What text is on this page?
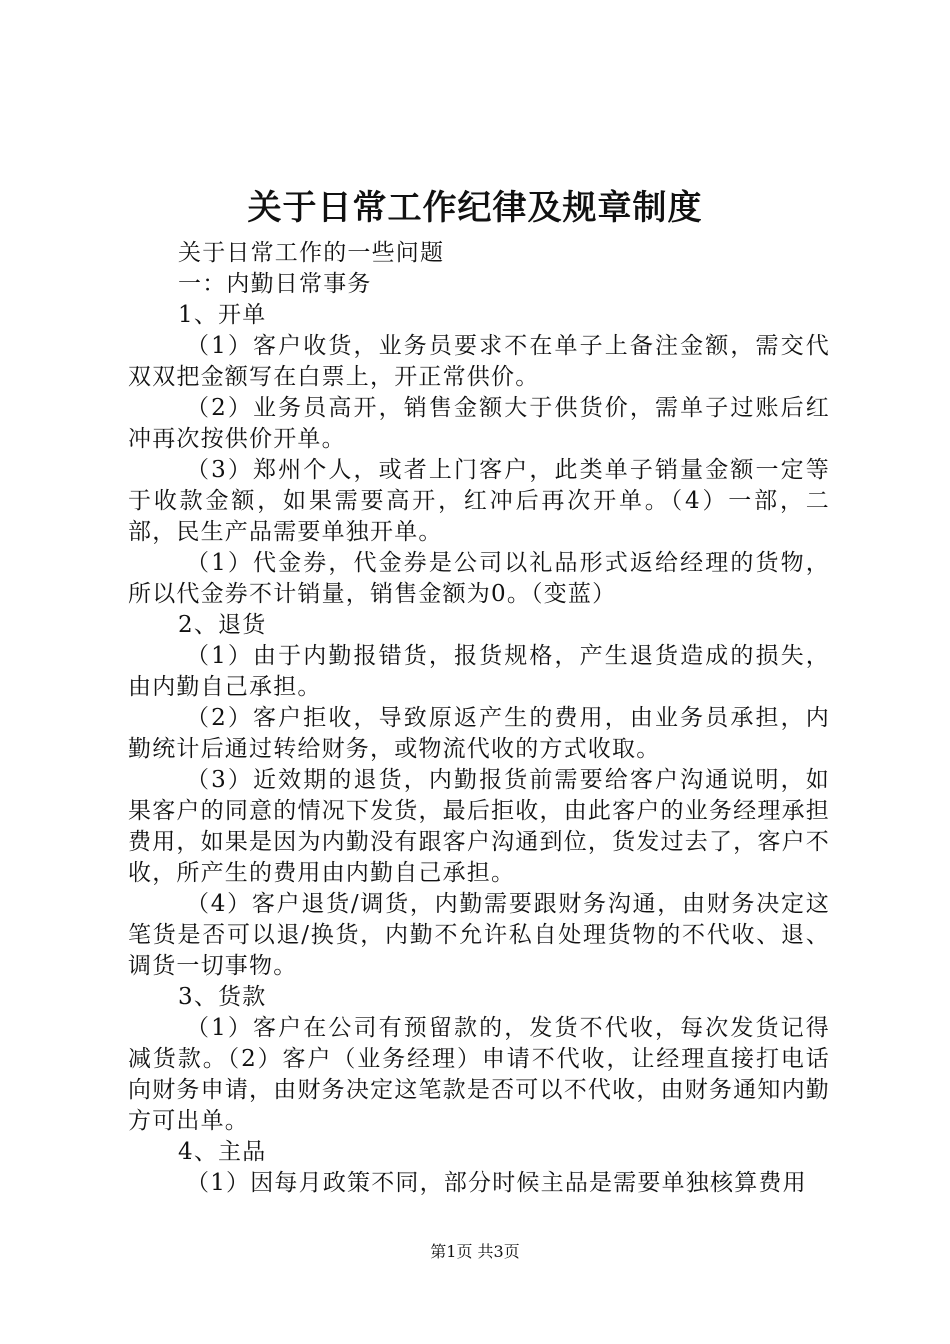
关于日常工作纪律及规章制度

关于日常工作的一些问题

一：内勤日常事务

1、开单

（1）客户收货，业务员要求不在单子上备注金额，需交代双双把金额写在白票上，开正常供价。

（2）业务员高开，销售金额大于供货价，需单子过账后红冲再次按供价开单。

（3）郑州个人，或者上门客户，此类单子销量金额一定等于收款金额，如果需要高开，红冲后再次开单。（4）一部，二部，民生产品需要单独开单。

（1）代金券，代金券是公司以礼品形式返给经理的货物，所以代金券不计销量，销售金额为0。（变蓝）

2、退货

（1）由于内勤报错货，报货规格，产生退货造成的损失，由内勤自己承担。

（2）客户拒收，导致原返产生的费用，由业务员承担，内勤统计后通过转给财务，或物流代收的方式收取。

（3）近效期的退货，内勤报货前需要给客户沟通说明，如果客户的同意的情况下发货，最后拒收，由此客户的业务经理承担费用，如果是因为内勤没有跟客户沟通到位，货发过去了，客户不收，所产生的费用由内勤自己承担。

（4）客户退货/调货，内勤需要跟财务沟通，由财务决定这笔货是否可以退/换货，内勤不允许私自处理货物的不代收、退、调货一切事物。

3、货款

（1）客户在公司有预留款的，发货不代收，每次发货记得减货款。（2）客户（业务经理）申请不代收，让经理直接打电话向财务申请，由财务决定这笔款是否可以不代收，由财务通知内勤方可出单。

4、主品

（1）因每月政策不同，部分时候主品是需要单独核算费用

第1页 共3页
